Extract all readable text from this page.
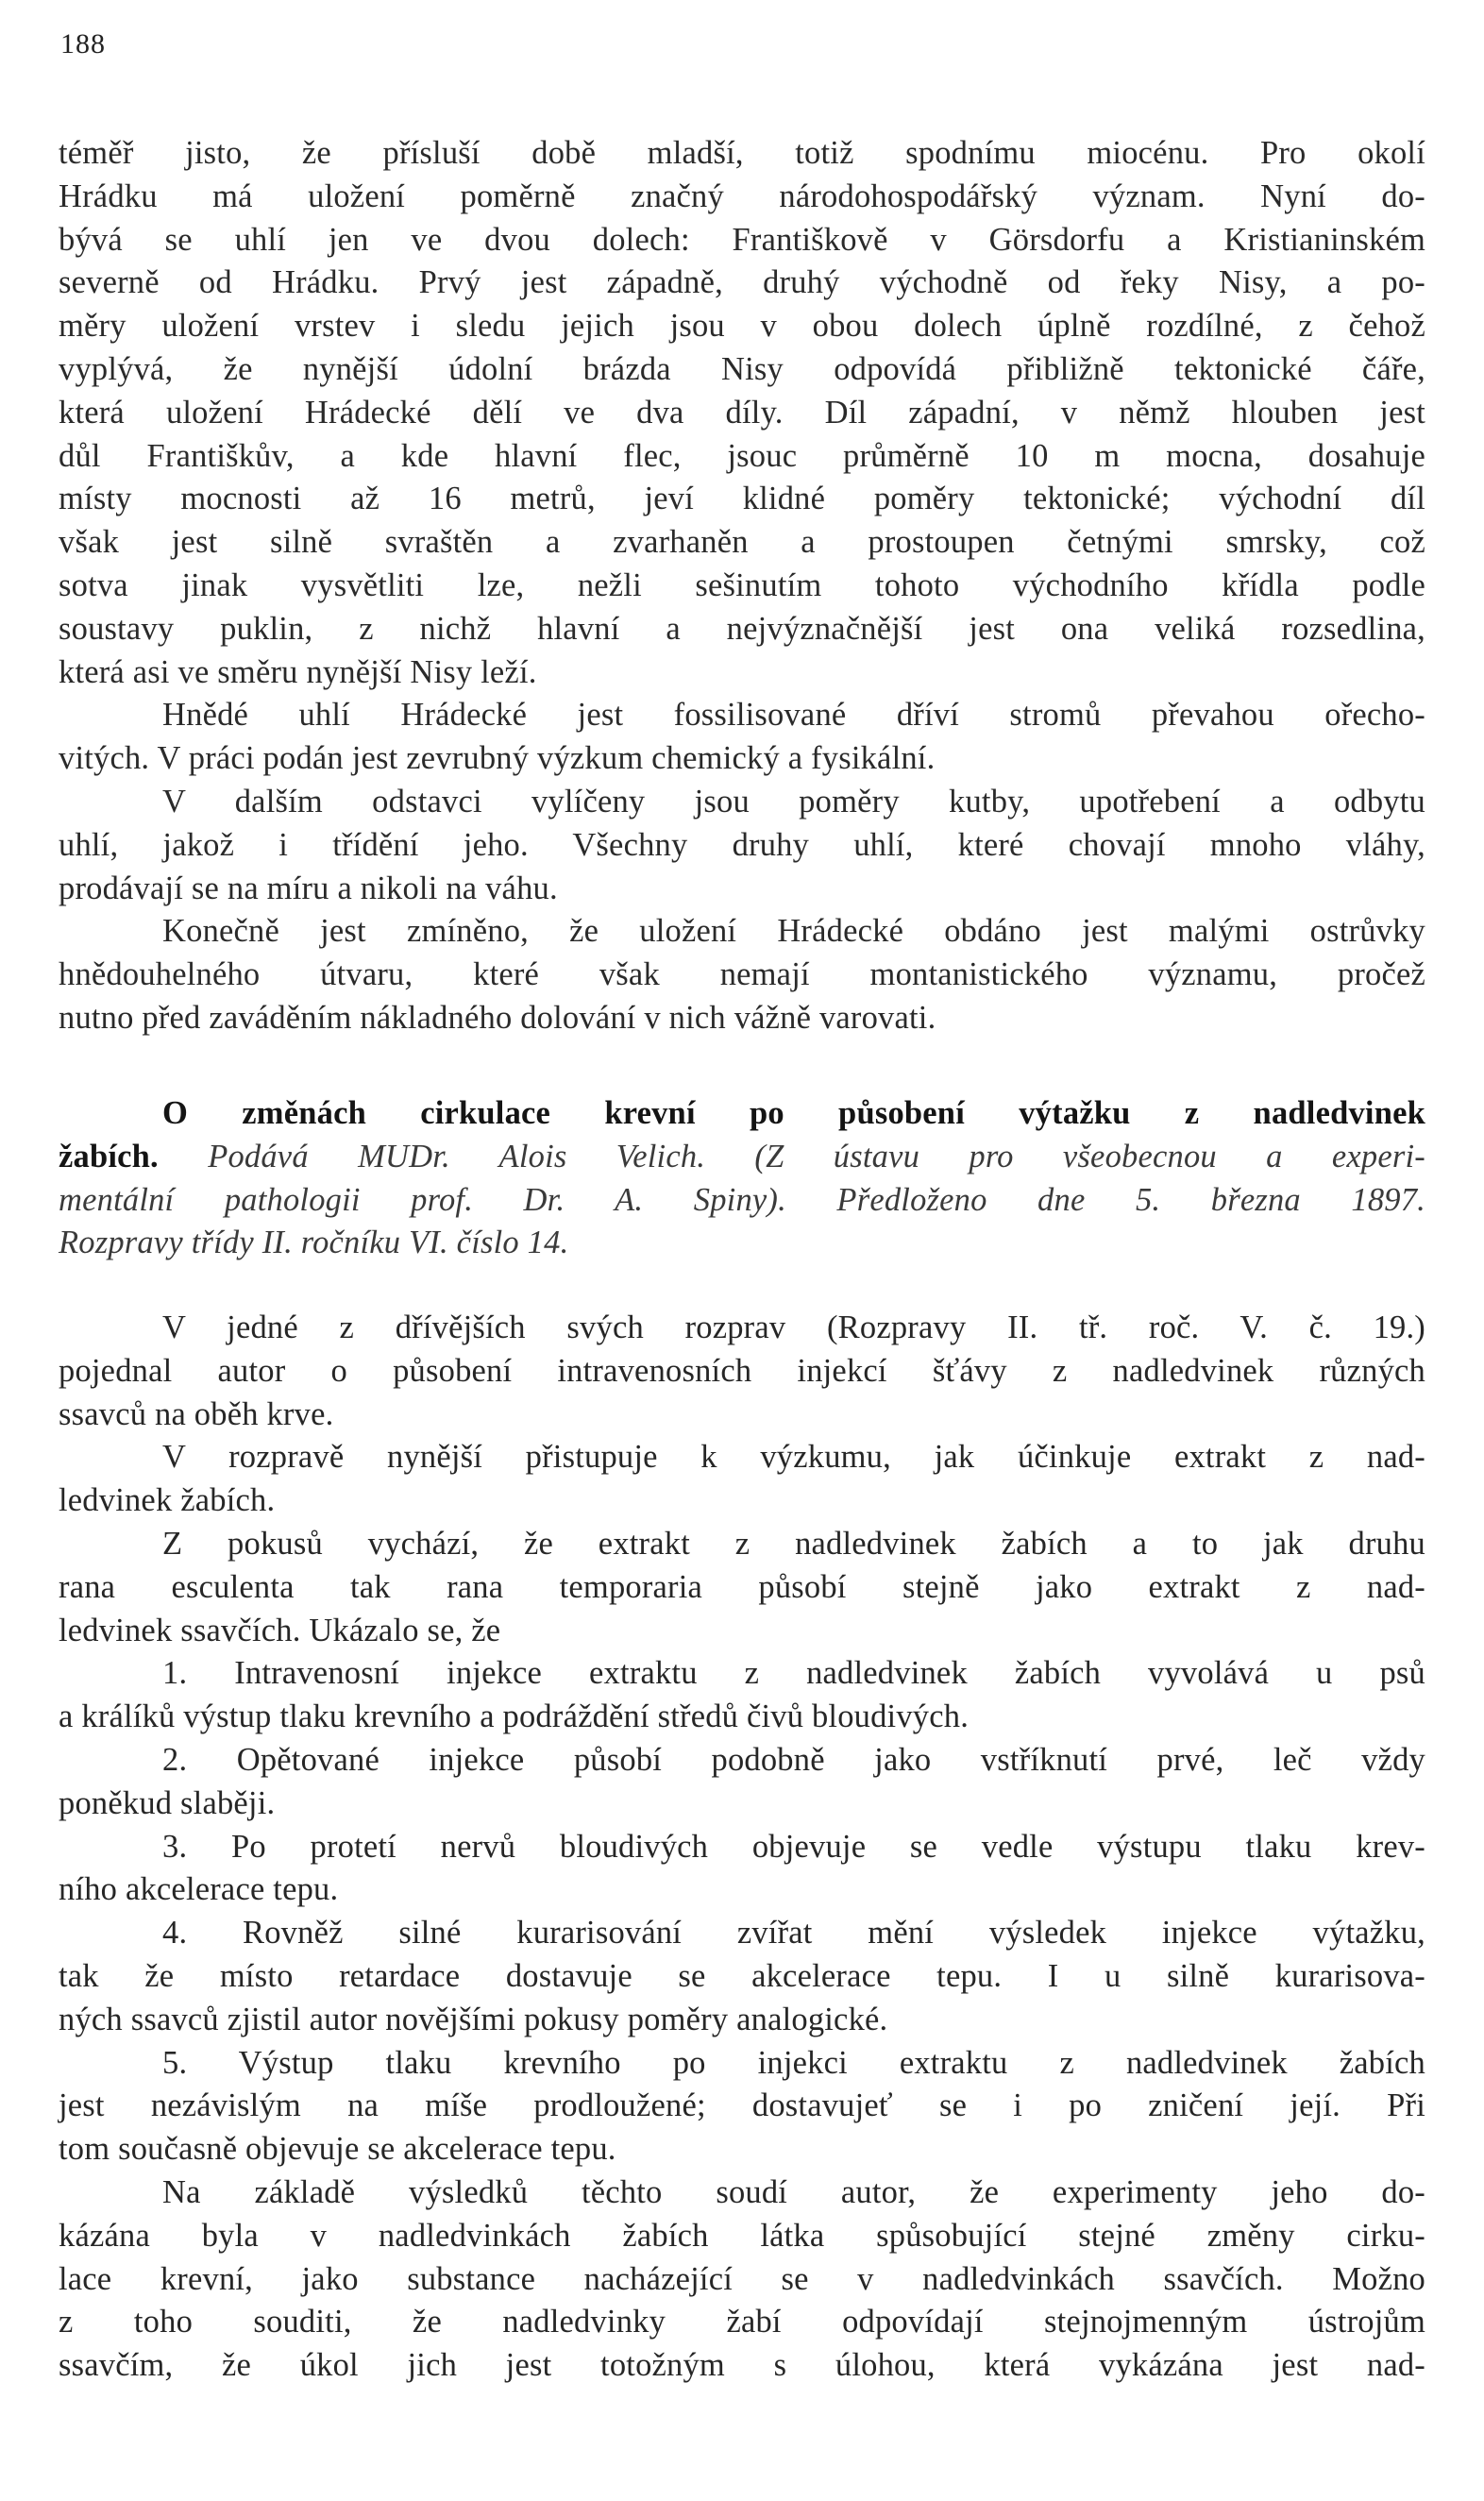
188
téměř jisto, že přísluší době mladší, totiž spodnímu miocénu. Pro okolí
Hrádku má uložení poměrně značný národohospodářský význam. Nyní do-
bývá se uhlí jen ve dvou dolech: Františkově v Görsdorfu a Kristianinském
severně od Hrádku. Prvý jest západně, druhý východně od řeky Nisy, a po-
měry uložení vrstev i sledu jejich jsou v obou dolech úplně rozdílné, z čehož
vyplývá, že nynější údolní brázda Nisy odpovídá přibližně tektonické čáře,
která uložení Hrádecké dělí ve dva díly. Díl západní, v němž hlouben jest
důl Františkův, a kde hlavní flec, jsouc průměrně 10 m mocna, dosahuje
místy mocnosti až 16 metrů, jeví klidné poměry tektonické; východní díl
však jest silně svraštěn a zvarhaněn a prostoupen četnými smrsky, což
sotva jinak vysvětliti lze, nežli sešinutím tohoto východního křídla podle
soustavy puklin, z nichž hlavní a nejvýznačnější jest ona veliká rozsedlina,
která asi ve směru nynější Nisy leží.
Hnědé uhlí Hrádecké jest fossilisované dříví stromů převahou ořecho-
vitých. V práci podán jest zevrubný výzkum chemický a fysikální.
V dalším odstavci vylíčeny jsou poměry kutby, upotřebení a odbytu
uhlí, jakož i třídění jeho. Všechny druhy uhlí, které chovají mnoho vláhy,
prodávají se na míru a nikoli na váhu.
Konečně jest zmíněno, že uložení Hrádecké obdáno jest malými ostrůvky
hnědouhelného útvaru, které však nemají montanistického významu, pročež
nutno před zaváděním nákladného dolování v nich vážně varovati.
O změnách cirkulace krevní po působení výtažku z nadledvinek
žabích. Podává MUDr. Alois Velich. (Z ústavu pro všeobecnou a experi-
mentální pathologii prof. Dr. A. Spiny). Předloženo dne 5. března 1897.
Rozpravy třídy II. ročníku VI. číslo 14.
V jedné z dřívějších svých rozprav (Rozpravy II. tř. roč. V. č. 19.)
pojednal autor o působení intravenosních injekcí šťávy z nadledvinek různých
ssavců na oběh krve.
V rozpravě nynější přistupuje k výzkumu, jak účinkuje extrakt z nad-
ledvinek žabích.
Z pokusů vychází, že extrakt z nadledvinek žabích a to jak druhu
rana esculenta tak rana temporaria působí stejně jako extrakt z nad-
ledvinek ssavčích. Ukázalo se, že
1. Intravenosní injekce extraktu z nadledvinek žabích vyvolává u psů
a králíků výstup tlaku krevního a podráždění středů čivů bloudivých.
2. Opětované injekce působí podobně jako vstříknutí prvé, leč vždy
poněkud slaběji.
3. Po protetí nervů bloudivých objevuje se vedle výstupu tlaku krev-
ního akcelerace tepu.
4. Rovněž silné kurarisování zvířat mění výsledek injekce výtažku,
tak že místo retardace dostavuje se akcelerace tepu. I u silně kurarisova-
ných ssavců zjistil autor novějšími pokusy poměry analogické.
5. Výstup tlaku krevního po injekci extraktu z nadledvinek žabích
jest nezávislým na míše prodloužené; dostavujeť se i po zničení její. Při
tom současně objevuje se akcelerace tepu.
Na základě výsledků těchto soudí autor, že experimenty jeho do-
kázána byla v nadledvinkách žabích látka spůsobující stejné změny cirku-
lace krevní, jako substance nacházející se v nadledvinkách ssavčích. Možno
z toho souditi, že nadledvinky žabí odpovídají stejnojmenným ústrojům
ssavčím, že úkol jich jest totožným s úlohou, která vykázána jest nad-
